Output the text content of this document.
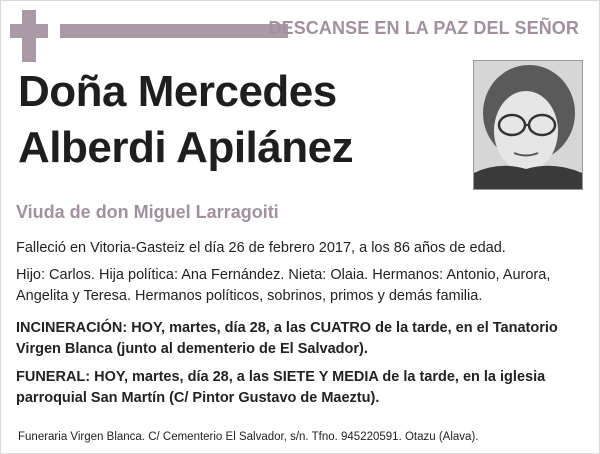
DESCANSE EN LA PAZ DEL SEÑOR
Doña Mercedes
Alberdi Apilánez
Viuda de don Miguel Larragoiti
Falleció en Vitoria-Gasteiz el día 26 de febrero 2017, a los 86 años de edad.
Hijo: Carlos. Hija política: Ana Fernández. Nieta: Olaia. Hermanos: Antonio, Aurora, Angelita y Teresa. Hermanos políticos, sobrinos, primos y demás familia.
INCINERACIÓN: HOY, martes, día 28, a las CUATRO de la tarde, en el Tanatorio Virgen Blanca (junto al dementerio de El Salvador).
FUNERAL: HOY, martes, día 28, a las SIETE Y MEDIA de la tarde, en la iglesia parroquial San Martín (C/ Pintor Gustavo de Maeztu).
Funeraria Virgen Blanca. C/ Cementerio El Salvador, s/n. Tfno. 945220591. Otazu (Alava).
